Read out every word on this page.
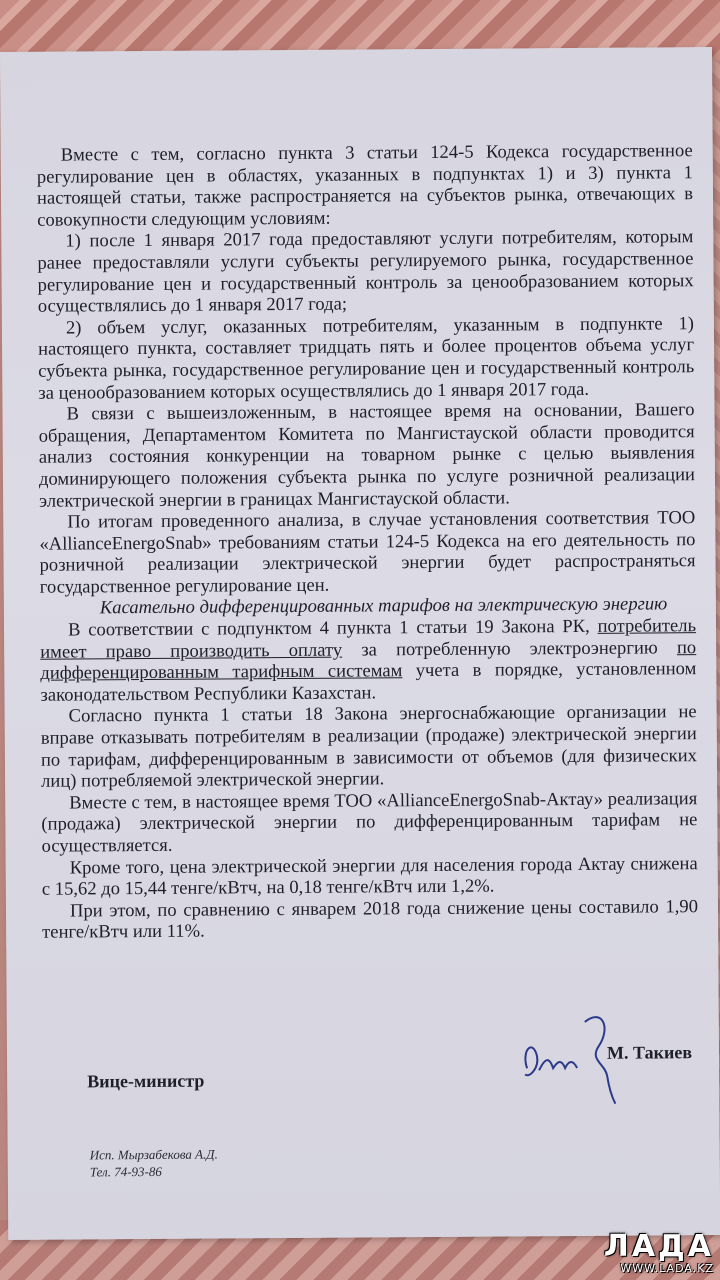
Вместе с тем, согласно пункта 3 статьи 124-5 Кодекса государственное регулирование цен в областях, указанных в подпунктах 1) и 3) пункта 1 настоящей статьи, также распространяется на субъектов рынка, отвечающих в совокупности следующим условиям:

1) после 1 января 2017 года предоставляют услуги потребителям, которым ранее предоставляли услуги субъекты регулируемого рынка, государственное регулирование цен и государственный контроль за ценообразованием которых осуществлялись до 1 января 2017 года;

2) объем услуг, оказанных потребителям, указанным в подпункте 1) настоящего пункта, составляет тридцать пять и более процентов объема услуг субъекта рынка, государственное регулирование цен и государственный контроль за ценообразованием которых осуществлялись до 1 января 2017 года.

В связи с вышеизложенным, в настоящее время на основании, Вашего обращения, Департаментом Комитета по Мангистауской области проводится анализ состояния конкуренции на товарном рынке с целью выявления доминирующего положения субъекта рынка по услуге розничной реализации электрической энергии в границах Мангистауской области.

По итогам проведенного анализа, в случае установления соответствия ТОО «AllianceEnergoSnab» требованиям статьи 124-5 Кодекса на его деятельность по розничной реализации электрической энергии будет распространяться государственное регулирование цен.

Касательно дифференцированных тарифов на электрическую энергию

В соответствии с подпунктом 4 пункта 1 статьи 19 Закона РК, потребитель имеет право производить оплату за потребленную электроэнергию по дифференцированным тарифным системам учета в порядке, установленном законодательством Республики Казахстан.

Согласно пункта 1 статьи 18 Закона энергоснабжающие организации не вправе отказывать потребителям в реализации (продаже) электрической энергии по тарифам, дифференцированным в зависимости от объемов (для физических лиц) потребляемой электрической энергии.

Вместе с тем, в настоящее время ТОО «AllianceEnergoSnab-Актау» реализация (продажа) электрической энергии по дифференцированным тарифам не осуществляется.

Кроме того, цена электрической энергии для населения города Актау снижена с 15,62 до 15,44 тенге/кВтч, на 0,18 тенге/кВтч или 1,2%.

При этом, по сравнению с январем 2018 года снижение цены составило 1,90 тенге/кВтч или 11%.

Вице-министр
М. Такиев
Исп. Мырзабекова А.Д.
Тел. 74-93-86
ЛАДА
WWW.LADA.KZ
